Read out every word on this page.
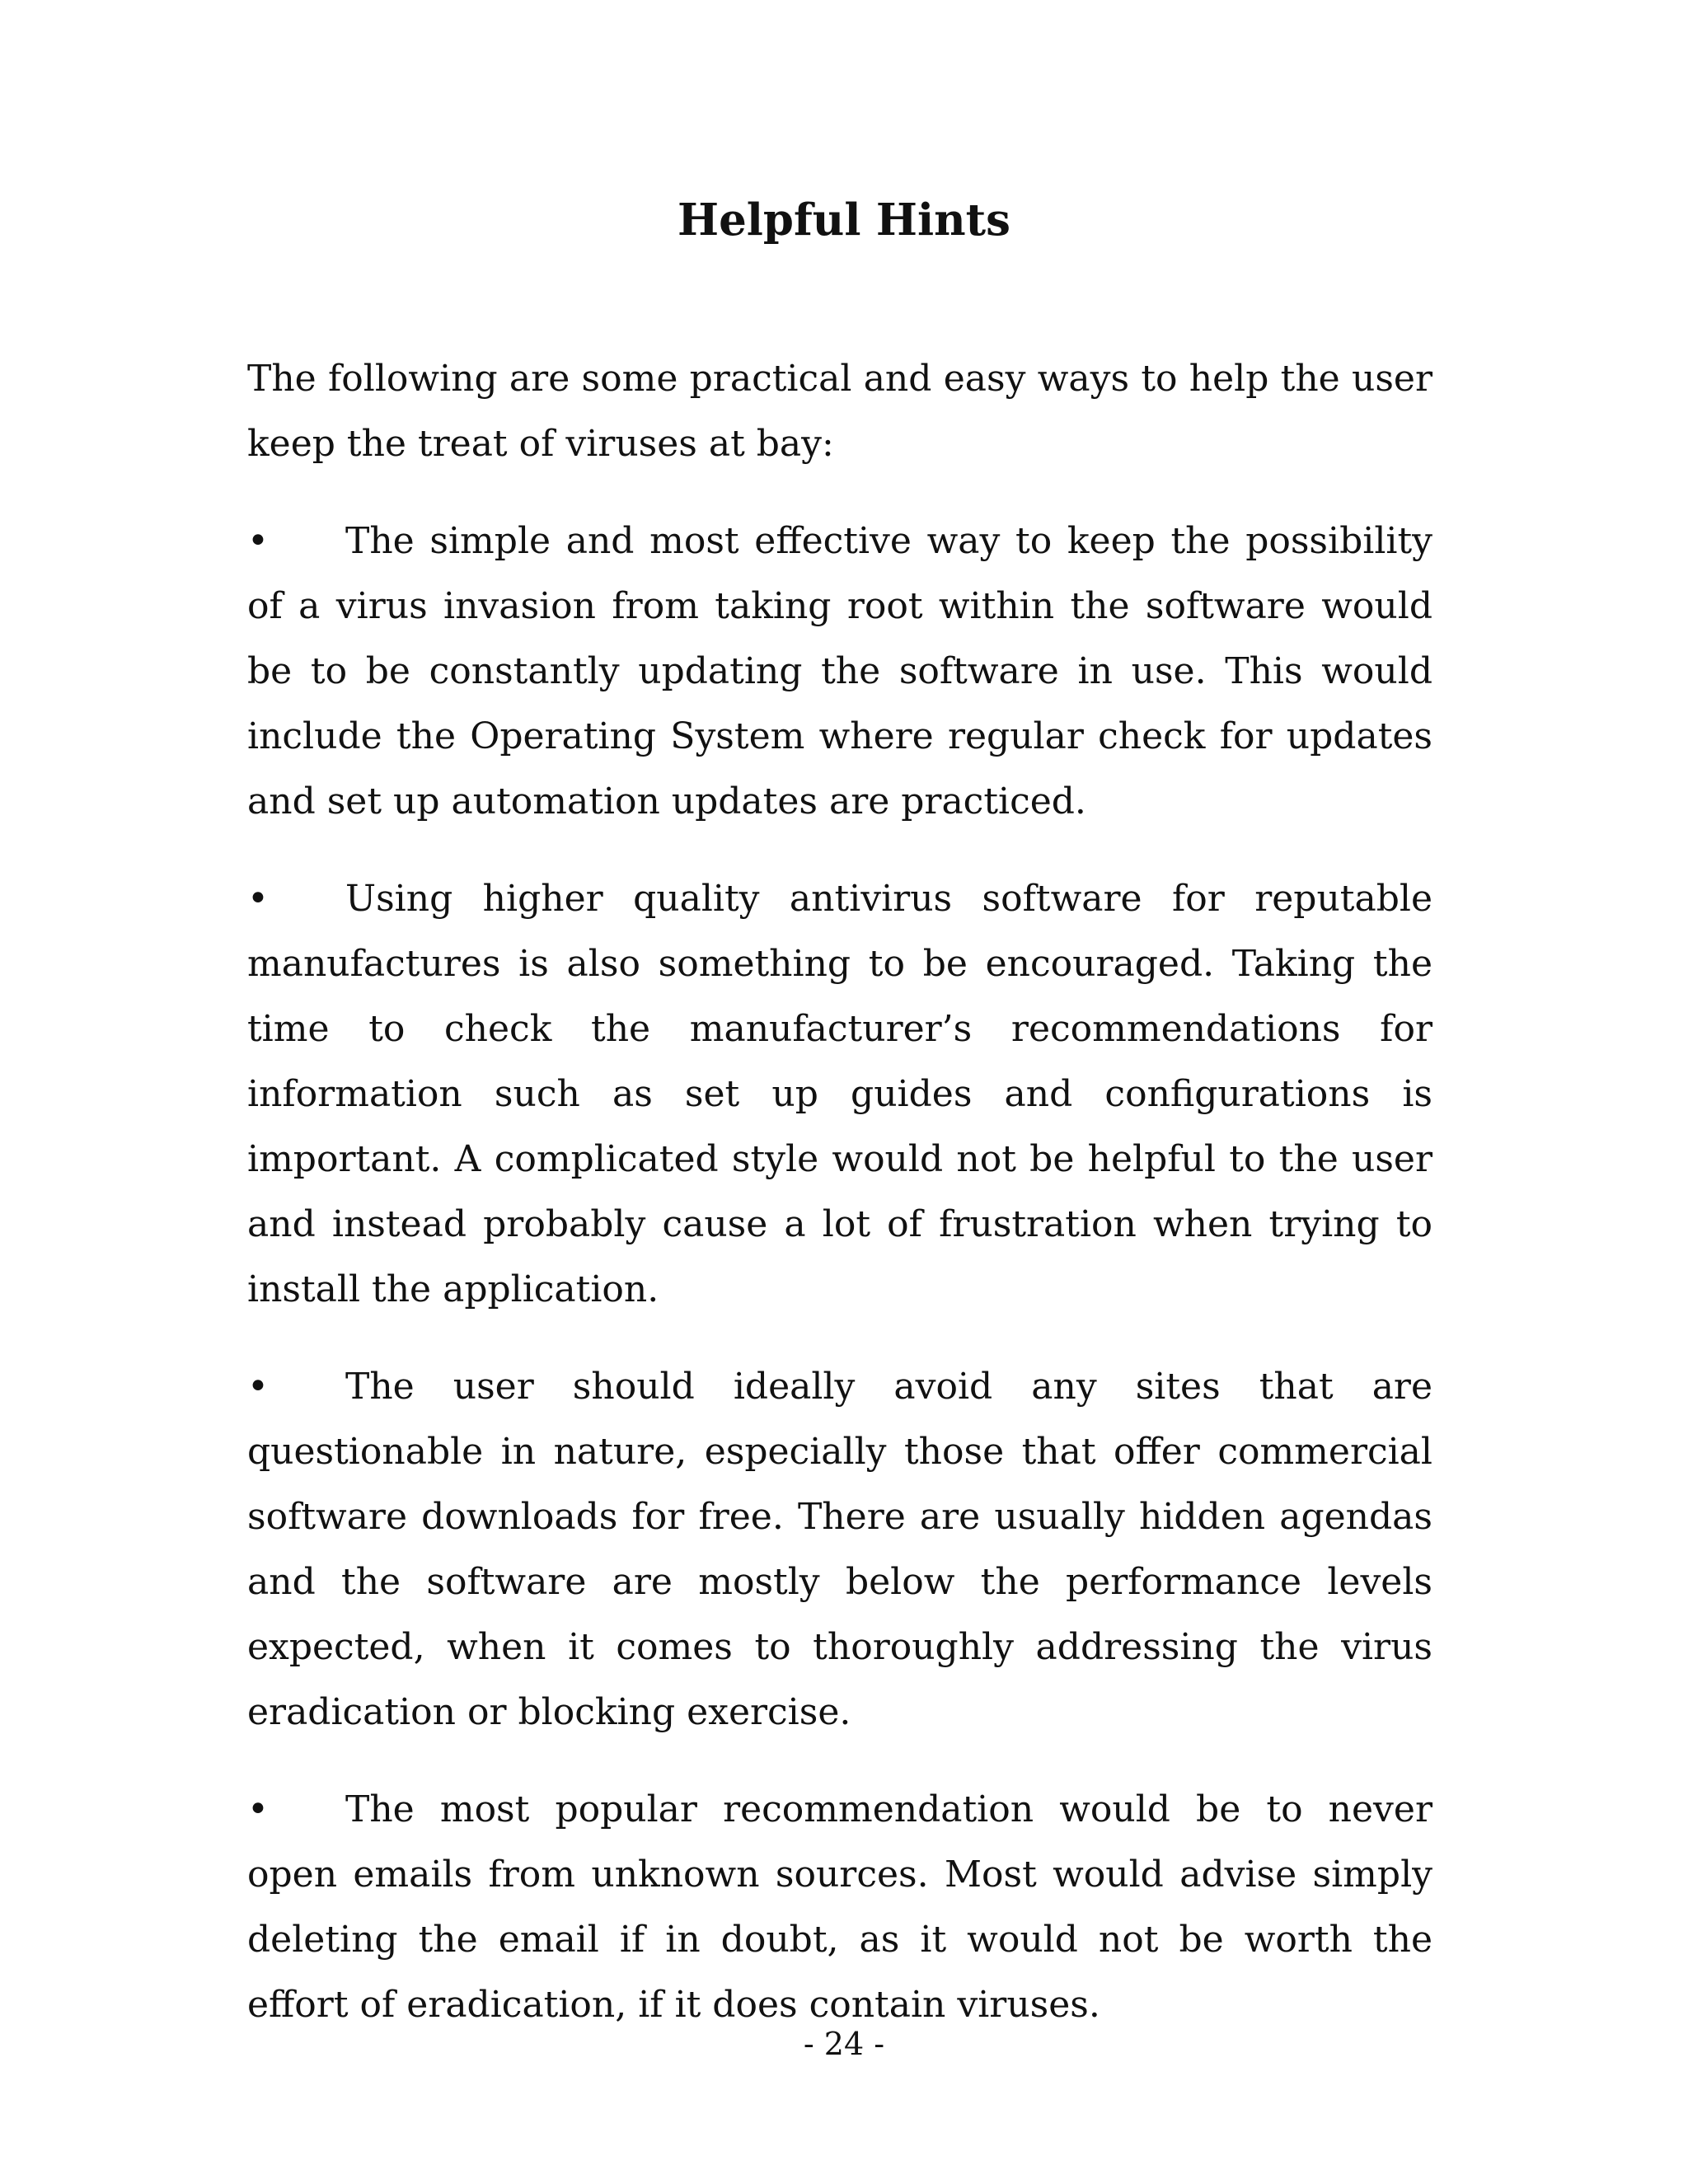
Helpful Hints

The following are some practical and easy ways to help the user keep the treat of viruses at bay:

• The simple and most effective way to keep the possibility of a virus invasion from taking root within the software would be to be constantly updating the software in use. This would include the Operating System where regular check for updates and set up automation updates are practiced.

• Using higher quality antivirus software for reputable manufactures is also something to be encouraged. Taking the time to check the manufacturer’s recommendations for information such as set up guides and configurations is important. A complicated style would not be helpful to the user and instead probably cause a lot of frustration when trying to install the application.

• The user should ideally avoid any sites that are questionable in nature, especially those that offer commercial software downloads for free. There are usually hidden agendas and the software are mostly below the performance levels expected, when it comes to thoroughly addressing the virus eradication or blocking exercise.

• The most popular recommendation would be to never open emails from unknown sources. Most would advise simply deleting the email if in doubt, as it would not be worth the effort of eradication, if it does contain viruses.

- 24 -
